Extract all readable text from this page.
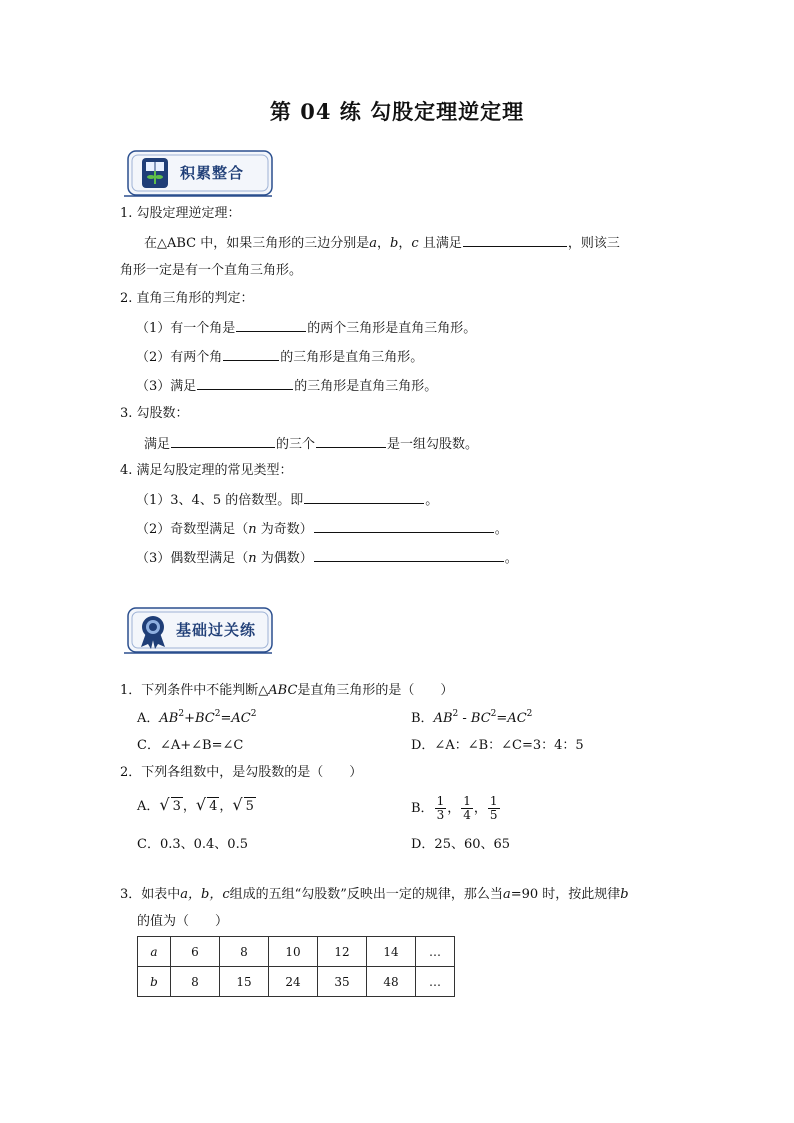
第 04 练 勾股定理逆定理
积累整合
1. 勾股定理逆定理：
在△ABC 中，如果三角形的三边分别是a，b，c 且满足	，则该三
角形一定是有一个直角三角形。
2. 直角三角形的判定：
（1）有一个角是	的两个三角形是直角三角形。
（2）有两个角	的三角形是直角三角形。
（3）满足	的三角形是直角三角形。
3. 勾股数：
满足	的三个	是一组勾股数。
4. 满足勾股定理的常见类型：
（1）3、4、5 的倍数型。即	。
（2）奇数型满足（n 为奇数）	。
（3）偶数型满足（n 为偶数）	。
基础过关练
1．下列条件中不能判断△ABC是直角三角形的是（　　）
A．$AB^2+BC^2=AC^2$	B．$AB^2 - BC^2=AC^2$
C．∠A+∠B=∠C	D．∠A：∠B：∠C=3：4：5
2．下列各组数中，是勾股数的是（　　）
A．√ 3 ，√ 4 ，√ 5	B． $\frac{1}{3}$ ， $\frac{1}{4}$ ， $\frac{1}{5}$
C．0.3、0.4、0.5	D．25、60、65
3．如表中a，b，c组成的五组“勾股数”反映出一定的规律，那么当a=90 时，按此规律b
的值为（　　）
a	6	8	10	12	14	…
b	8	15	24	35	48	…
